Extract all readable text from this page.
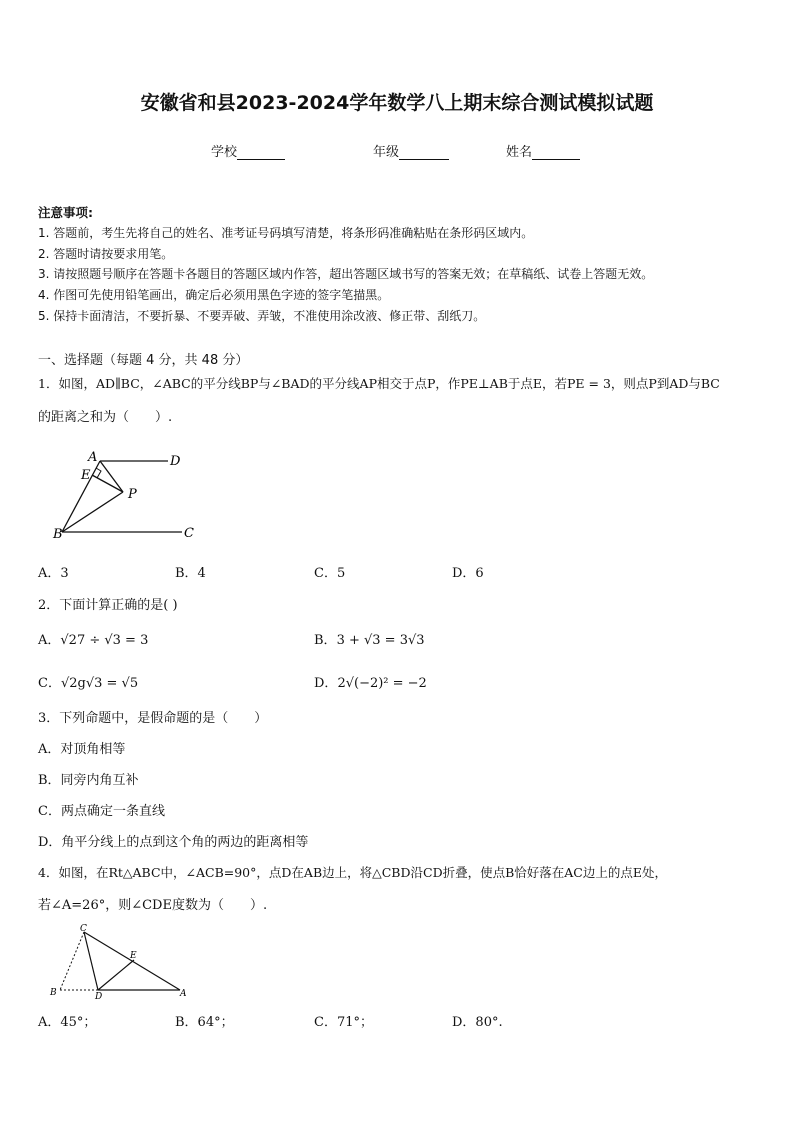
安徽省和县2023-2024学年数学八上期末综合测试模拟试题
学校	年级	姓名
注意事项:
1. 答题前，考生先将自己的姓名、准考证号码填写清楚，将条形码准确粘贴在条形码区域内。
2. 答题时请按要求用笔。
3. 请按照题号顺序在答题卡各题目的答题区域内作答，超出答题区域书写的答案无效；在草稿纸、试卷上答题无效。
4. 作图可先使用铅笔画出，确定后必须用黑色字迹的签字笔描黑。
5. 保持卡面清洁，不要折暴、不要弄破、弄皱，不准使用涂改液、修正带、刮纸刀。
一、选择题（每题 4 分，共 48 分）
1．如图，AD∥BC，∠ABC的平分线BP与∠BAD的平分线AP相交于点P，作PE⊥AB于点E，若PE = 3，则点P到AD与BC
的距离之和为（　　）.
A	D
E
P
B	C
A．3	B．4	C．5	D．6
2．下面计算正确的是( )
A．√27 ÷ √3 = 3	B．3 + √3 = 3√3
C．√2g√3 = √5	D．2√(−2)² = −2
3．下列命题中，是假命题的是（　　）
A．对顶角相等
B．同旁内角互补
C．两点确定一条直线
D．角平分线上的点到这个角的两边的距离相等
4．如图，在Rt△ABC中，∠ACB=90°，点D在AB边上，将△CBD沿CD折叠，使点B恰好落在AC边上的点E处，
若∠A=26°，则∠CDE度数为（　　）.
C
E
B	D	A
A．45°；	B．64°；	C．71°；	D．80°.
